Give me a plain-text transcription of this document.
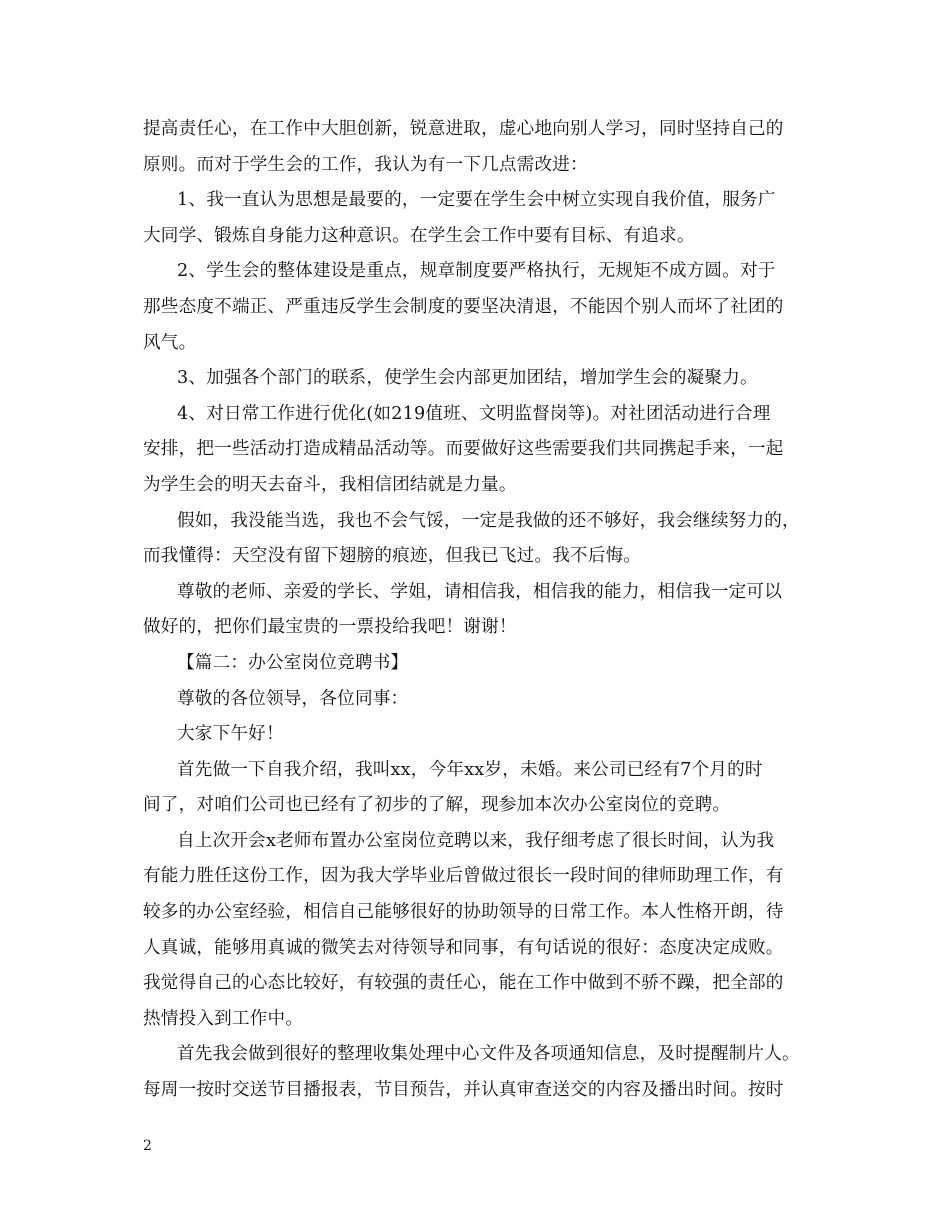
提高责任心，在工作中大胆创新，锐意进取，虚心地向别人学习，同时坚持自己的
原则。而对于学生会的工作，我认为有一下几点需改进：
1、我一直认为思想是最要的，一定要在学生会中树立实现自我价值，服务广
大同学、锻炼自身能力这种意识。在学生会工作中要有目标、有追求。
2、学生会的整体建设是重点，规章制度要严格执行，无规矩不成方圆。对于
那些态度不端正、严重违反学生会制度的要坚决清退，不能因个别人而坏了社团的
风气。
3、加强各个部门的联系，使学生会内部更加团结，增加学生会的凝聚力。
4、对日常工作进行优化(如219值班、文明监督岗等)。对社团活动进行合理
安排，把一些活动打造成精品活动等。而要做好这些需要我们共同携起手来，一起
为学生会的明天去奋斗，我相信团结就是力量。
假如，我没能当选，我也不会气馁，一定是我做的还不够好，我会继续努力的，
而我懂得：天空没有留下翅膀的痕迹，但我已飞过。我不后悔。
尊敬的老师、亲爱的学长、学姐，请相信我，相信我的能力，相信我一定可以
做好的，把你们最宝贵的一票投给我吧！谢谢！
【篇二：办公室岗位竞聘书】
尊敬的各位领导，各位同事：
大家下午好！
首先做一下自我介绍，我叫xx，今年xx岁，未婚。来公司已经有7个月的时
间了，对咱们公司也已经有了初步的了解，现参加本次办公室岗位的竞聘。
自上次开会x老师布置办公室岗位竞聘以来，我仔细考虑了很长时间，认为我
有能力胜任这份工作，因为我大学毕业后曾做过很长一段时间的律师助理工作，有
较多的办公室经验，相信自己能够很好的协助领导的日常工作。本人性格开朗，待
人真诚，能够用真诚的微笑去对待领导和同事，有句话说的很好：态度决定成败。
我觉得自己的心态比较好，有较强的责任心，能在工作中做到不骄不躁，把全部的
热情投入到工作中。
首先我会做到很好的整理收集处理中心文件及各项通知信息，及时提醒制片人。
每周一按时交送节目播报表，节目预告，并认真审查送交的内容及播出时间。按时
2
